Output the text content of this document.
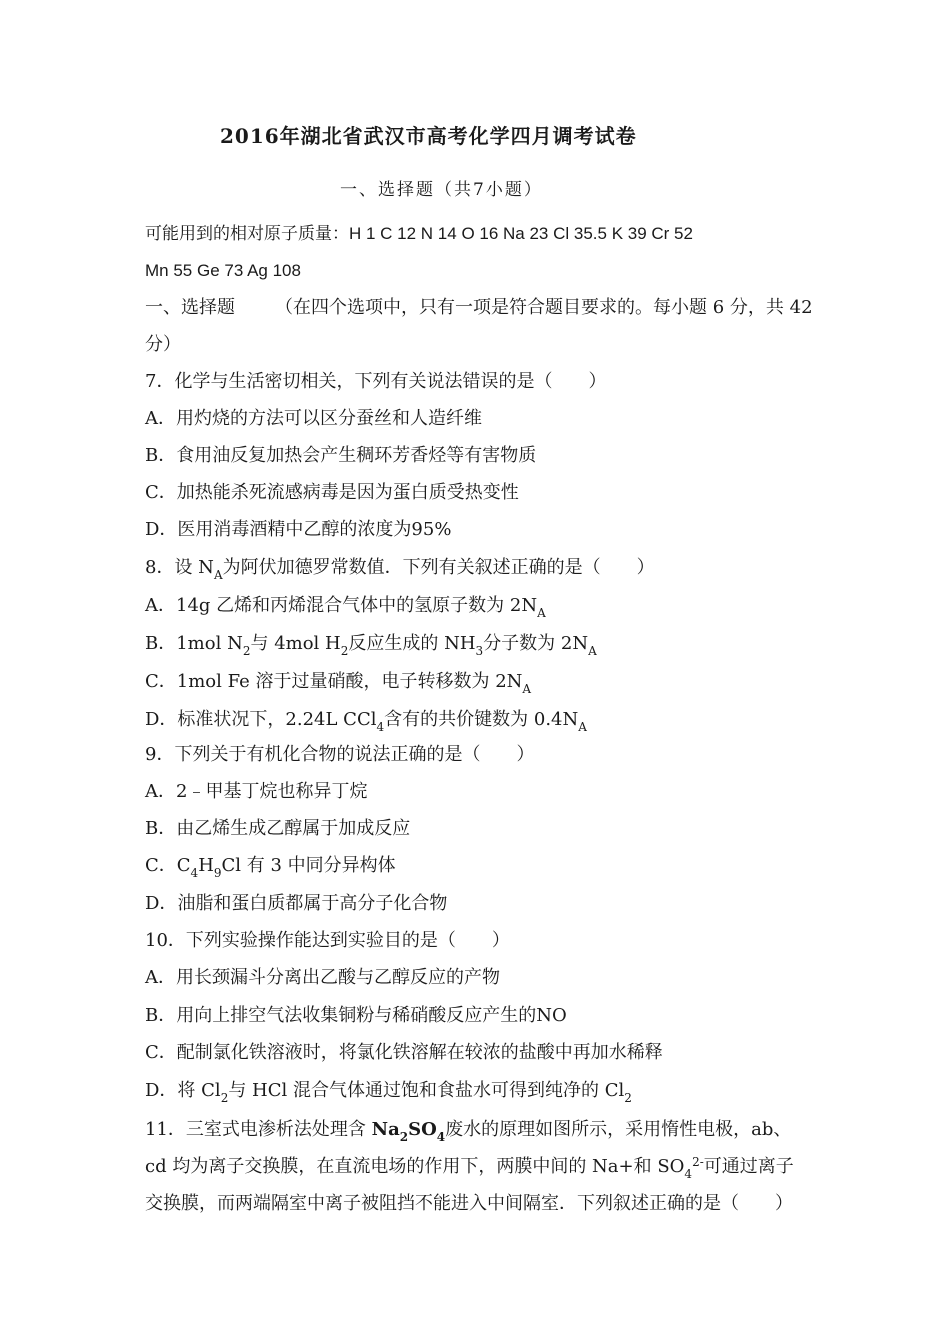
2016年湖北省武汉市高考化学四月调考试卷
一、选择题（共7小题）
可能用到的相对原子质量：H 1 C 12 N 14 O 16 Na 23 Cl 35.5 K 39 Cr 52
Mn 55 Ge 73 Ag 108
一、选择题 （在四个选项中，只有一项是符合题目要求的。每小题 6 分，共 42
分）
7．化学与生活密切相关，下列有关说法错误的是（　　）
A．用灼烧的方法可以区分蚕丝和人造纤维
B．食用油反复加热会产生稠环芳香烃等有害物质
C．加热能杀死流感病毒是因为蛋白质受热变性
D．医用消毒酒精中乙醇的浓度为95%
8．设 $N_A$为阿伏加德罗常数值．下列有关叙述正确的是（　　）
A．14g 乙烯和丙烯混合气体中的氢原子数为 $2N_A$
B．1mol $N_2$与 4mol $H_2$反应生成的 $NH_3$分子数为 $2N_A$
C．1mol Fe 溶于过量硝酸，电子转移数为 $2N_A$
D．标准状况下，2.24L CCl$_4$含有的共价键数为 $0.4N_A$
9．下列关于有机化合物的说法正确的是（　　）
A．2﹣甲基丁烷也称异丁烷
B．由乙烯生成乙醇属于加成反应
C．$C_4H_9Cl$ 有 3 中同分异构体
D．油脂和蛋白质都属于高分子化合物
10．下列实验操作能达到实验目的是（　　）
A．用长颈漏斗分离出乙酸与乙醇反应的产物
B．用向上排空气法收集铜粉与稀硝酸反应产生的NO
C．配制氯化铁溶液时，将氯化铁溶解在较浓的盐酸中再加水稀释
D．将 $Cl_2$与 HCl 混合气体通过饱和食盐水可得到纯净的 $Cl_2$
11．三室式电渗析法处理含 $Na_2SO_4$废水的原理如图所示，采用惰性电极，ab、
cd 均为离子交换膜，在直流电场的作用下，两膜中间的 Na+和 $SO_4^{2-}$可通过离子
交换膜，而两端隔室中离子被阻挡不能进入中间隔室．下列叙述正确的是（　　）
